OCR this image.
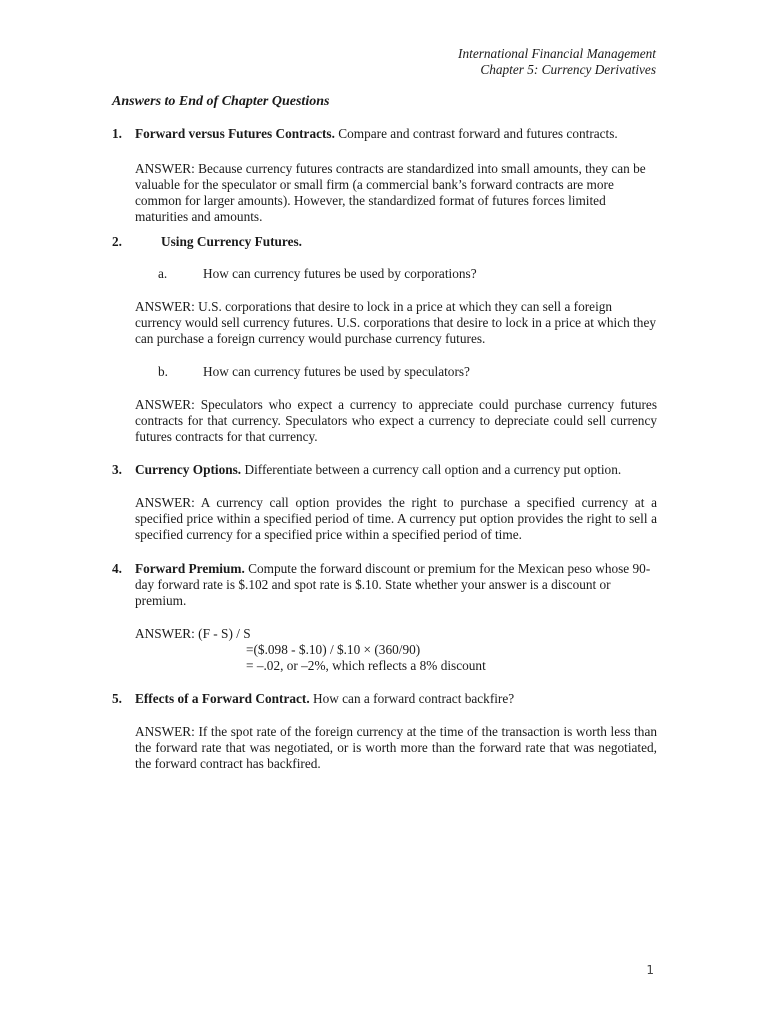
International Financial Management
Chapter 5: Currency Derivatives
Answers to End of Chapter Questions
1. Forward versus Futures Contracts. Compare and contrast forward and futures contracts.
ANSWER: Because currency futures contracts are standardized into small amounts, they can be valuable for the speculator or small firm (a commercial bank’s forward contracts are more common for larger amounts). However, the standardized format of futures forces limited maturities and amounts.
2.	Using Currency Futures.
a.	How can currency futures be used by corporations?
ANSWER: U.S. corporations that desire to lock in a price at which they can sell a foreign currency would sell currency futures. U.S. corporations that desire to lock in a price at which they can purchase a foreign currency would purchase currency futures.
b.	How can currency futures be used by speculators?
ANSWER: Speculators who expect a currency to appreciate could purchase currency futures contracts for that currency. Speculators who expect a currency to depreciate could sell currency futures contracts for that currency.
3. Currency Options. Differentiate between a currency call option and a currency put option.
ANSWER: A currency call option provides the right to purchase a specified currency at a specified price within a specified period of time. A currency put option provides the right to sell a specified currency for a specified price within a specified period of time.
4. Forward Premium. Compute the forward discount or premium for the Mexican peso whose 90-day forward rate is $.102 and spot rate is $.10. State whether your answer is a discount or premium.
ANSWER: (F - S) / S
=($.098 - $.10) / $.10 × (360/90)
= –.02, or –2%, which reflects a 8% discount
5. Effects of a Forward Contract. How can a forward contract backfire?
ANSWER: If the spot rate of the foreign currency at the time of the transaction is worth less than the forward rate that was negotiated, or is worth more than the forward rate that was negotiated, the forward contract has backfired.
1
